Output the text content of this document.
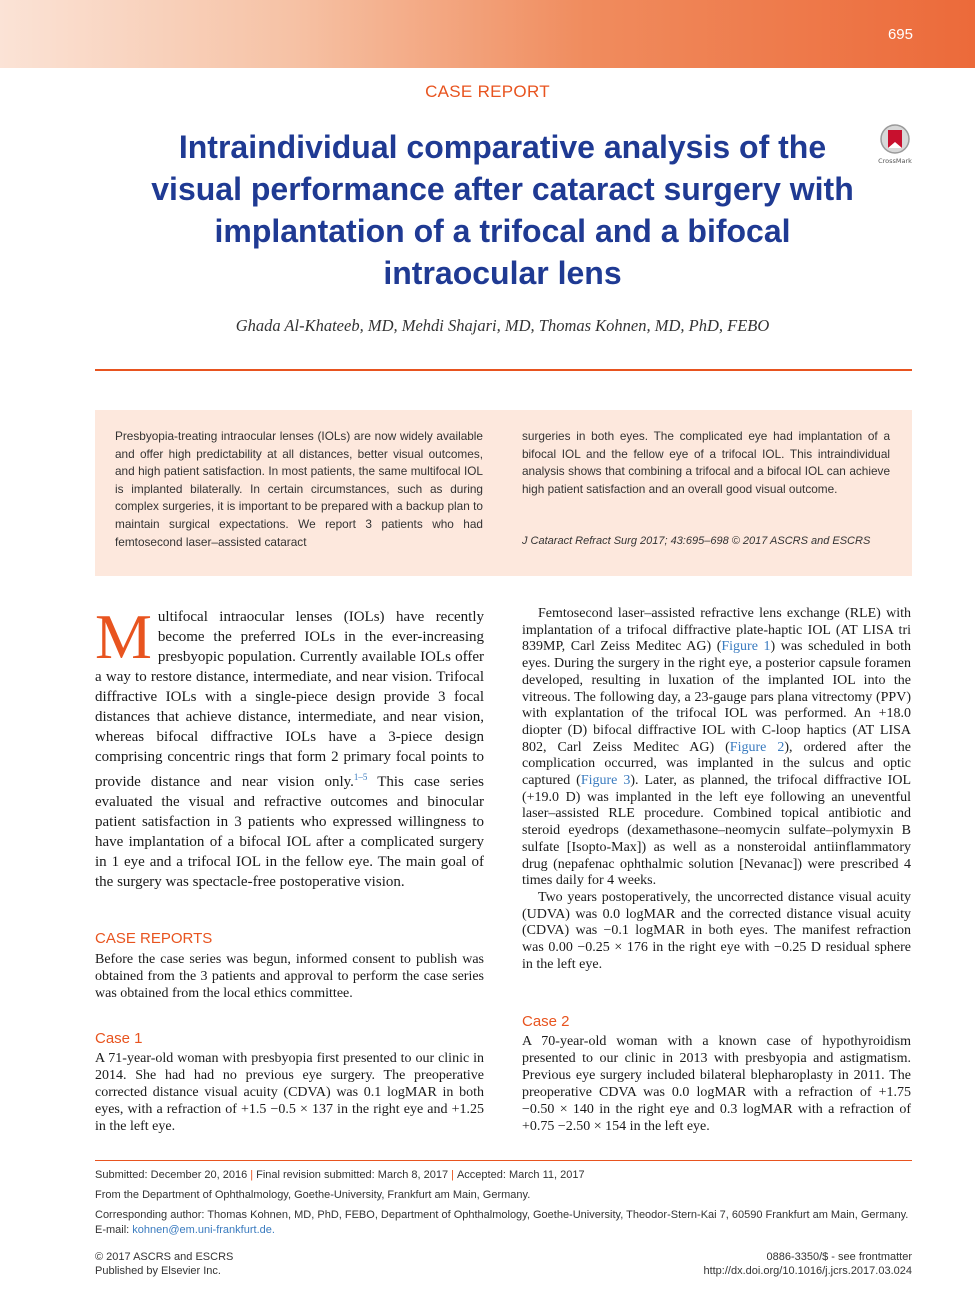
695
CASE REPORT
Intraindividual comparative analysis of the visual performance after cataract surgery with implantation of a trifocal and a bifocal intraocular lens
CrossMark
Ghada Al-Khateeb, MD, Mehdi Shajari, MD, Thomas Kohnen, MD, PhD, FEBO
Presbyopia-treating intraocular lenses (IOLs) are now widely available and offer high predictability at all distances, better visual outcomes, and high patient satisfaction. In most patients, the same multifocal IOL is implanted bilaterally. In certain circumstances, such as during complex surgeries, it is important to be prepared with a backup plan to maintain surgical expectations. We report 3 patients who had femtosecond laser–assisted cataract
surgeries in both eyes. The complicated eye had implantation of a bifocal IOL and the fellow eye of a trifocal IOL. This intraindividual analysis shows that combining a trifocal and a bifocal IOL can achieve high patient satisfaction and an overall good visual outcome.
J Cataract Refract Surg 2017; 43:695–698 © 2017 ASCRS and ESCRS

Multifocal intraocular lenses (IOLs) have recently become the preferred IOLs in the ever-increasing presbyopic population. Currently available IOLs offer a way to restore distance, intermediate, and near vision. Trifocal diffractive IOLs with a single-piece design provide 3 focal distances that achieve distance, intermediate, and near vision, whereas bifocal diffractive IOLs have a 3-piece design comprising concentric rings that form 2 primary focal points to provide distance and near vision only.$^{1-5}$ This case series evaluated the visual and refractive outcomes and binocular patient satisfaction in 3 patients who expressed willingness to have implantation of a bifocal IOL after a complicated surgery in 1 eye and a trifocal IOL in the fellow eye. The main goal of the surgery was spectacle-free postoperative vision.

CASE REPORTS

Before the case series was begun, informed consent to publish was obtained from the 3 patients and approval to perform the case series was obtained from the local ethics committee.

Case 1

A 71-year-old woman with presbyopia first presented to our clinic in 2014. She had had no previous eye surgery. The preoperative corrected distance visual acuity (CDVA) was 0.1 logMAR in both eyes, with a refraction of +1.5 −0.5 × 137 in the right eye and +1.25 in the left eye.

Femtosecond laser–assisted refractive lens exchange (RLE) with implantation of a trifocal diffractive plate-haptic IOL (AT LISA tri 839MP, Carl Zeiss Meditec AG) (Figure 1) was scheduled in both eyes. During the surgery in the right eye, a posterior capsule foramen developed, resulting in luxation of the implanted IOL into the vitreous. The following day, a 23-gauge pars plana vitrectomy (PPV) with explantation of the trifocal IOL was performed. An +18.0 diopter (D) bifocal diffractive IOL with C-loop haptics (AT LISA 802, Carl Zeiss Meditec AG) (Figure 2), ordered after the complication occurred, was implanted in the sulcus and optic captured (Figure 3). Later, as planned, the trifocal diffractive IOL (+19.0 D) was implanted in the left eye following an uneventful laser–assisted RLE procedure. Combined topical antibiotic and steroid eyedrops (dexamethasone–neomycin sulfate–polymyxin B sulfate [Isopto-Max]) as well as a nonsteroidal antiinflammatory drug (nepafenac ophthalmic solution [Nevanac]) were prescribed 4 times daily for 4 weeks.

Two years postoperatively, the uncorrected distance visual acuity (UDVA) was 0.0 logMAR and the corrected distance visual acuity (CDVA) was −0.1 logMAR in both eyes. The manifest refraction was 0.00 −0.25 × 176 in the right eye with −0.25 D residual sphere in the left eye.

Case 2

A 70-year-old woman with a known case of hypothyroidism presented to our clinic in 2013 with presbyopia and astigmatism. Previous eye surgery included bilateral blepharoplasty in 2011. The preoperative CDVA was 0.0 logMAR with a refraction of +1.75 −0.50 × 140 in the right eye and 0.3 logMAR with a refraction of +0.75 −2.50 × 154 in the left eye.

Submitted: December 20, 2016 | Final revision submitted: March 8, 2017 | Accepted: March 11, 2017
From the Department of Ophthalmology, Goethe-University, Frankfurt am Main, Germany.
Corresponding author: Thomas Kohnen, MD, PhD, FEBO, Department of Ophthalmology, Goethe-University, Theodor-Stern-Kai 7, 60590 Frankfurt am Main, Germany.
E-mail: kohnen@em.uni-frankfurt.de.
© 2017 ASCRS and ESCRS
Published by Elsevier Inc.
0886-3350/$ - see frontmatter
http://dx.doi.org/10.1016/j.jcrs.2017.03.024
